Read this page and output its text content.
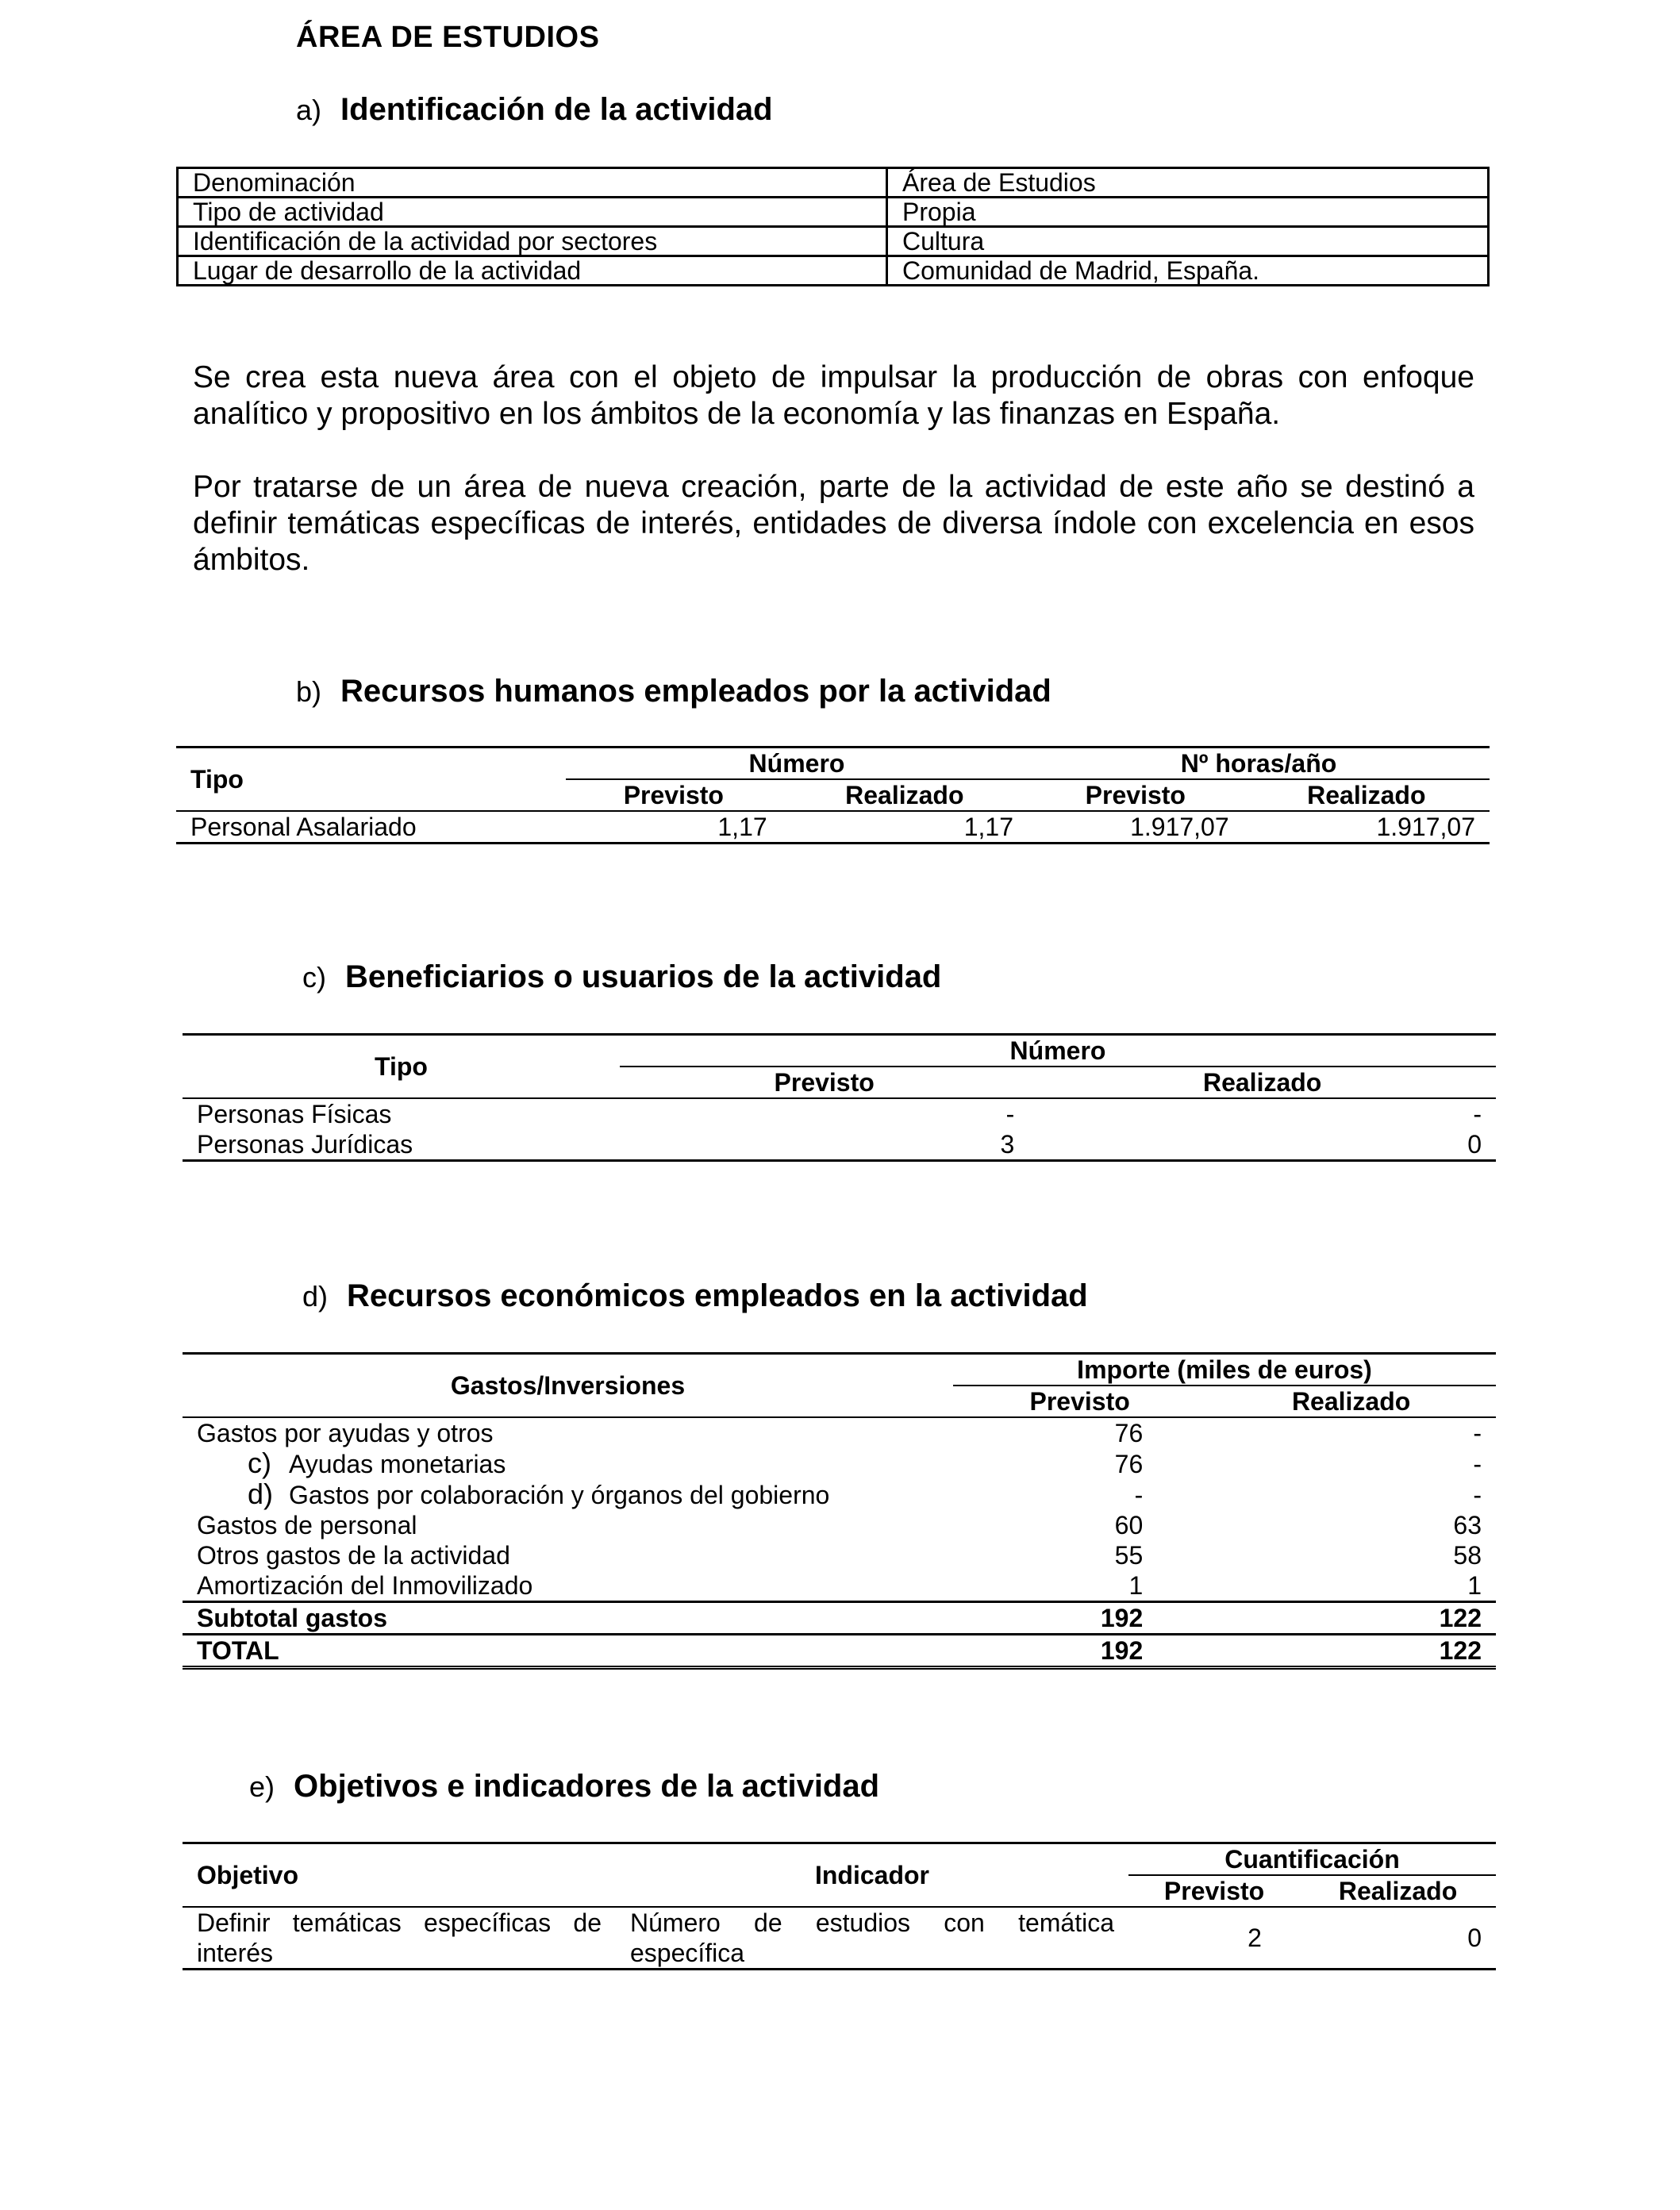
ÁREA DE ESTUDIOS
a) Identificación de la actividad
Denominación	Área de Estudios
Tipo de actividad	Propia
Identificación de la actividad por sectores	Cultura
Lugar de desarrollo de la actividad	Comunidad de Madrid, España.
Se crea esta nueva área con el objeto de impulsar la producción de obras con enfoque analítico y propositivo en los ámbitos de la economía y las finanzas en España.
Por tratarse de un área de nueva creación, parte de la actividad de este año se destinó a definir temáticas específicas de interés, entidades de diversa índole con excelencia en esos ámbitos.
b) Recursos humanos empleados por la actividad
Tipo	Número		Nº horas/año	
	Previsto	Realizado	Previsto	Realizado
Personal Asalariado	1,17	1,17	1.917,07	1.917,07
c) Beneficiarios o usuarios de la actividad
Tipo	Número	
	Previsto	Realizado
Personas Físicas	-	-
Personas Jurídicas	3	0
d) Recursos económicos empleados en la actividad
Gastos/Inversiones	Importe (miles de euros)	
	Previsto	Realizado
Gastos por ayudas y otros	76	-
c) Ayudas monetarias	76	-
d) Gastos por colaboración y órganos del gobierno	-	-
Gastos de personal	60	63
Otros gastos de la actividad	55	58
Amortización del Inmovilizado	1	1
Subtotal gastos	192	122
TOTAL	192	122
e) Objetivos e indicadores de la actividad
Objetivo	Indicador	Cuantificación	
		Previsto	Realizado
Definir temáticas específicas de interés	Número de estudios con temática específica	2	0
